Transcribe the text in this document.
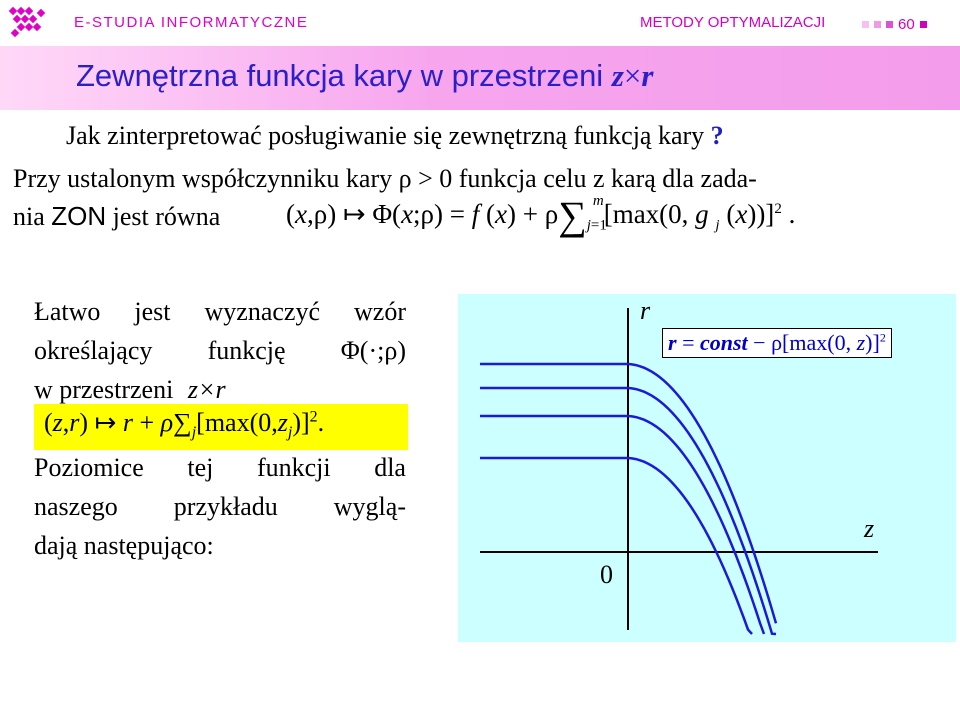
E-STUDIA INFORMATYCZNE	METODY OPTYMALIZACJI	60
Zewnętrzna funkcja kary w przestrzeni z×r
Jak zinterpretować posługiwanie się zewnętrzną funkcją kary ?
Przy ustalonym współczynniku kary ρ > 0 funkcja celu z karą dla zada-
nia ZON jest równa (x,ρ) ↦ Φ(x;ρ) = f $(x) + \rho\sum_{j=1}^m[\max(0$, g $_j$ (x))]$^2$ .
Łatwo jest wyznaczyć wzór
określający funkcję Φ(·;ρ)
w przestrzeni z×r
Poziomice tej funkcji dla
naszego przykładu wyglą-
dają następująco:
(z,r) ↦ $r + \rho\sum_j[\max(0,z_j)]^2$.
r = const − ρ[max(0, z)]$^2$
r
z
0
